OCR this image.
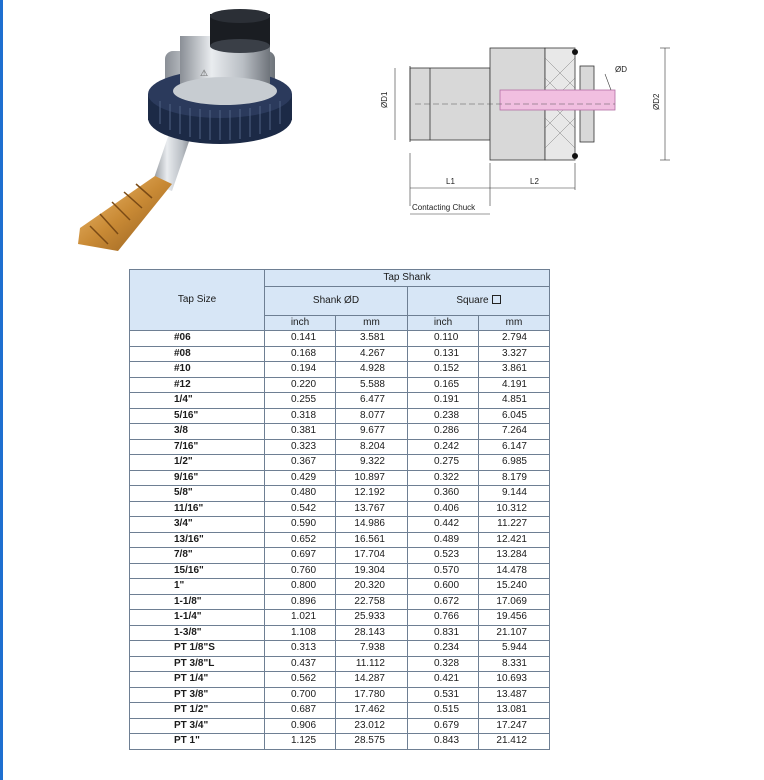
⚠
ØD1
ØD
ØD2
L1	L2
Contacting Chuck
Tap Size	Tap Shank			
	Shank ØD		Square	
	inch	mm	inch	mm
#06	0.141	3.581	0.110	2.794
#08	0.168	4.267	0.131	3.327
#10	0.194	4.928	0.152	3.861
#12	0.220	5.588	0.165	4.191
1/4"	0.255	6.477	0.191	4.851
5/16"	0.318	8.077	0.238	6.045
3/8	0.381	9.677	0.286	7.264
7/16"	0.323	8.204	0.242	6.147
1/2"	0.367	9.322	0.275	6.985
9/16"	0.429	10.897	0.322	8.179
5/8"	0.480	12.192	0.360	9.144
11/16"	0.542	13.767	0.406	10.312
3/4"	0.590	14.986	0.442	11.227
13/16"	0.652	16.561	0.489	12.421
7/8"	0.697	17.704	0.523	13.284
15/16"	0.760	19.304	0.570	14.478
1"	0.800	20.320	0.600	15.240
1-1/8"	0.896	22.758	0.672	17.069
1-1/4"	1.021	25.933	0.766	19.456
1-3/8"	1.108	28.143	0.831	21.107
PT 1/8"S	0.313	7.938	0.234	5.944
PT 3/8"L	0.437	11.112	0.328	8.331
PT 1/4"	0.562	14.287	0.421	10.693
PT 3/8"	0.700	17.780	0.531	13.487
PT 1/2"	0.687	17.462	0.515	13.081
PT 3/4"	0.906	23.012	0.679	17.247
PT 1"	1.125	28.575	0.843	21.412
